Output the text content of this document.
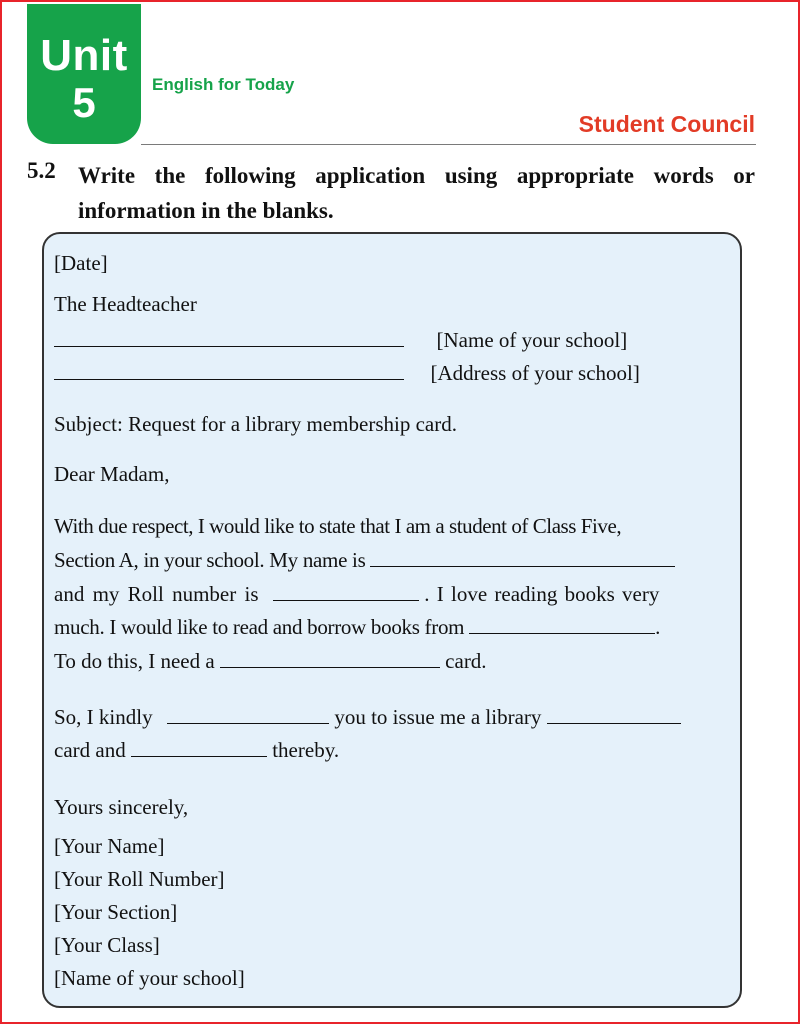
Unit
5	English for Today
Student Council
5.2 Write the following application using appropriate words or
information in the blanks.
[Date]
The Headteacher
[Name of your school]
[Address of your school]
Subject: Request for a library membership card.
Dear Madam,
With due respect, I would like to state that I am a student of Class Five,
Section A, in your school. My name is
and my Roll number is	. I love reading books very
much. I would like to read and borrow books from	.
To do this, I need a	card.
So, I kindly	you to issue me a library
card and	thereby.
Yours sincerely,
[Your Name]
[Your Roll Number]
[Your Section]
[Your Class]
[Name of your school]
